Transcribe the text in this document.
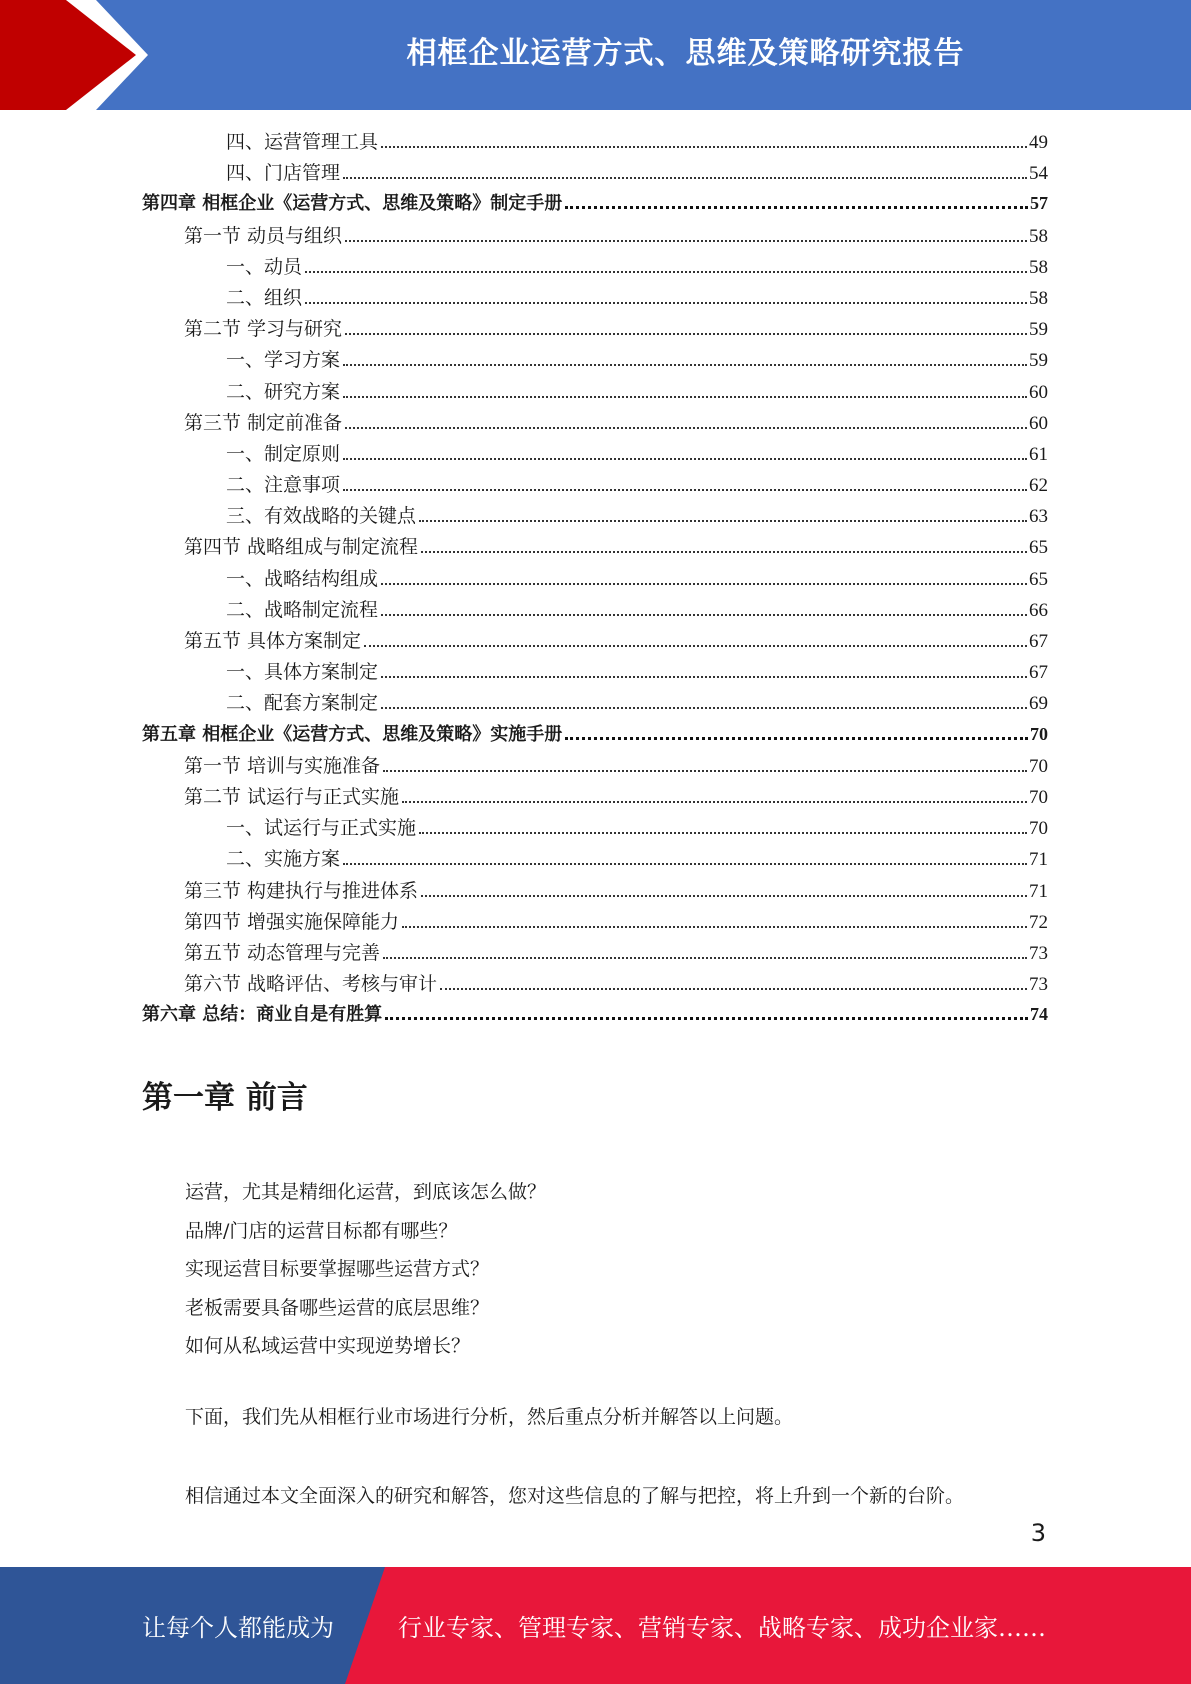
相框企业运营方式、思维及策略研究报告
四、运营管理工具	49
四、门店管理	54
第四章 相框企业《运营方式、思维及策略》制定手册	57
第一节 动员与组织	58
一、动员	58
二、组织	58
第二节 学习与研究	59
一、学习方案	59
二、研究方案	60
第三节 制定前准备	60
一、制定原则	61
二、注意事项	62
三、有效战略的关键点	63
第四节 战略组成与制定流程	65
一、战略结构组成	65
二、战略制定流程	66
第五节 具体方案制定	67
一、具体方案制定	67
二、配套方案制定	69
第五章 相框企业《运营方式、思维及策略》实施手册	70
第一节 培训与实施准备	70
第二节 试运行与正式实施	70
一、试运行与正式实施	70
二、实施方案	71
第三节 构建执行与推进体系	71
第四节 增强实施保障能力	72
第五节 动态管理与完善	73
第六节 战略评估、考核与审计	73
第六章 总结：商业自是有胜算	74
第一章 前言
运营，尤其是精细化运营，到底该怎么做？
品牌/门店的运营目标都有哪些？
实现运营目标要掌握哪些运营方式？
老板需要具备哪些运营的底层思维？
如何从私域运营中实现逆势增长？

下面，我们先从相框行业市场进行分析，然后重点分析并解答以上问题。

相信通过本文全面深入的研究和解答，您对这些信息的了解与把控，将上升到一个新的台阶。

3
让每个人都能成为	行业专家、管理专家、营销专家、战略专家、成功企业家……
